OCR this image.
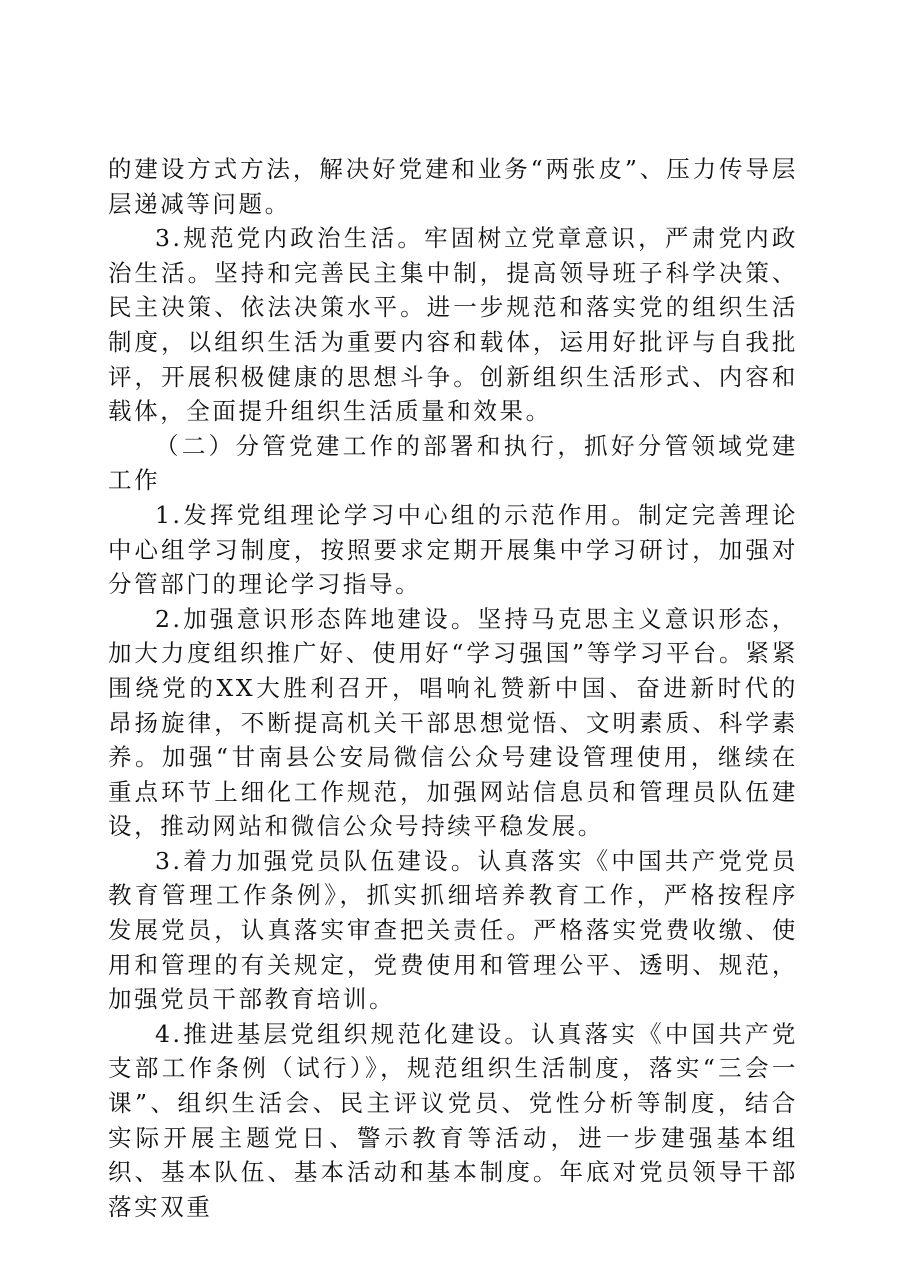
的建设方式方法，解决好党建和业务“两张皮”、压力传导层层递减等问题。

3.规范党内政治生活。牢固树立党章意识，严肃党内政治生活。坚持和完善民主集中制，提高领导班子科学决策、民主决策、依法决策水平。进一步规范和落实党的组织生活制度，以组织生活为重要内容和载体，运用好批评与自我批评，开展积极健康的思想斗争。创新组织生活形式、内容和载体，全面提升组织生活质量和效果。

（二）分管党建工作的部署和执行，抓好分管领域党建工作

1.发挥党组理论学习中心组的示范作用。制定完善理论中心组学习制度，按照要求定期开展集中学习研讨，加强对分管部门的理论学习指导。

2.加强意识形态阵地建设。坚持马克思主义意识形态，加大力度组织推广好、使用好“学习强国”等学习平台。紧紧围绕党的XX大胜利召开，唱响礼赞新中国、奋进新时代的昂扬旋律，不断提高机关干部思想觉悟、文明素质、科学素养。加强“甘南县公安局微信公众号建设管理使用，继续在重点环节上细化工作规范，加强网站信息员和管理员队伍建设，推动网站和微信公众号持续平稳发展。

3.着力加强党员队伍建设。认真落实《中国共产党党员教育管理工作条例》，抓实抓细培养教育工作，严格按程序发展党员，认真落实审查把关责任。严格落实党费收缴、使用和管理的有关规定，党费使用和管理公平、透明、规范，加强党员干部教育培训。

4.推进基层党组织规范化建设。认真落实《中国共产党支部工作条例（试行）》，规范组织生活制度，落实“三会一课”、组织生活会、民主评议党员、党性分析等制度，结合实际开展主题党日、警示教育等活动，进一步建强基本组织、基本队伍、基本活动和基本制度。年底对党员领导干部落实双重
